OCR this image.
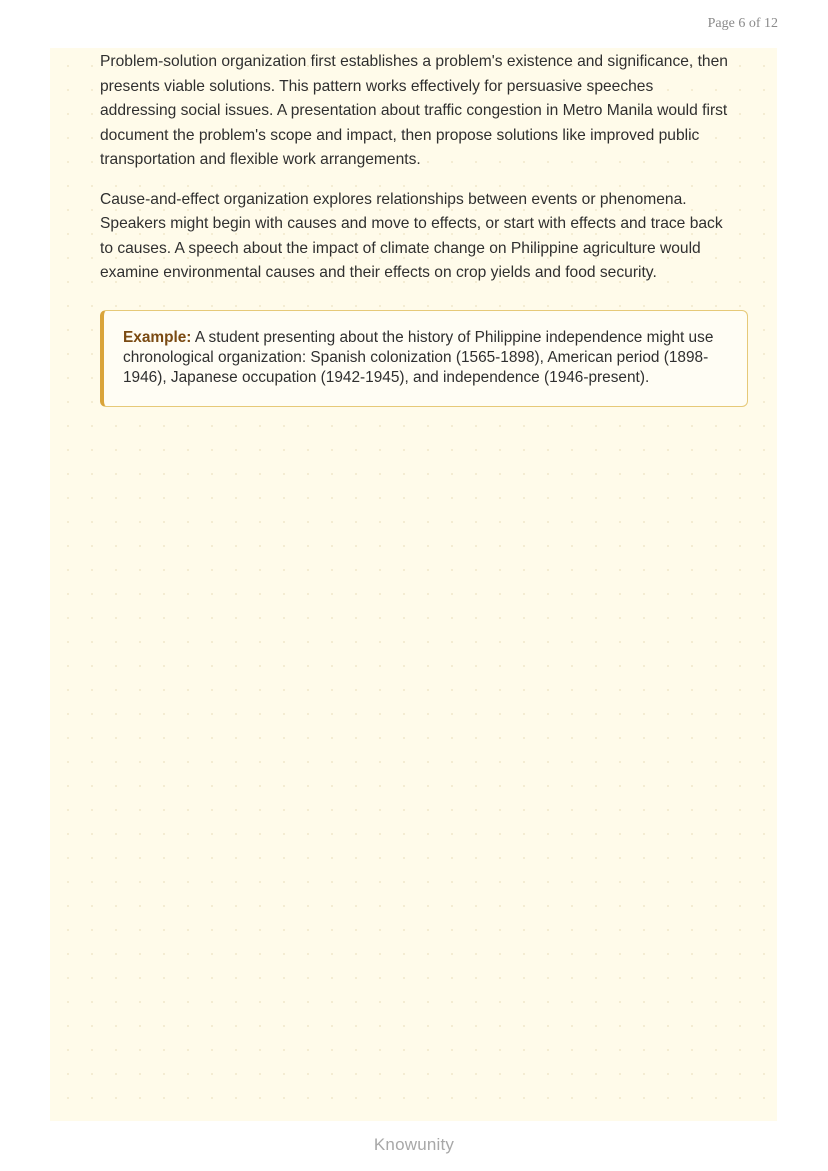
Page 6 of 12

Problem-solution organization first establishes a problem's existence and significance, then presents viable solutions. This pattern works effectively for persuasive speeches addressing social issues. A presentation about traffic congestion in Metro Manila would first document the problem's scope and impact, then propose solutions like improved public transportation and flexible work arrangements.

Cause-and-effect organization explores relationships between events or phenomena. Speakers might begin with causes and move to effects, or start with effects and trace back to causes. A speech about the impact of climate change on Philippine agriculture would examine environmental causes and their effects on crop yields and food security.

Example: A student presenting about the history of Philippine independence might use chronological organization: Spanish colonization (1565-1898), American period (1898-1946), Japanese occupation (1942-1945), and independence (1946-present).

Knowunity
